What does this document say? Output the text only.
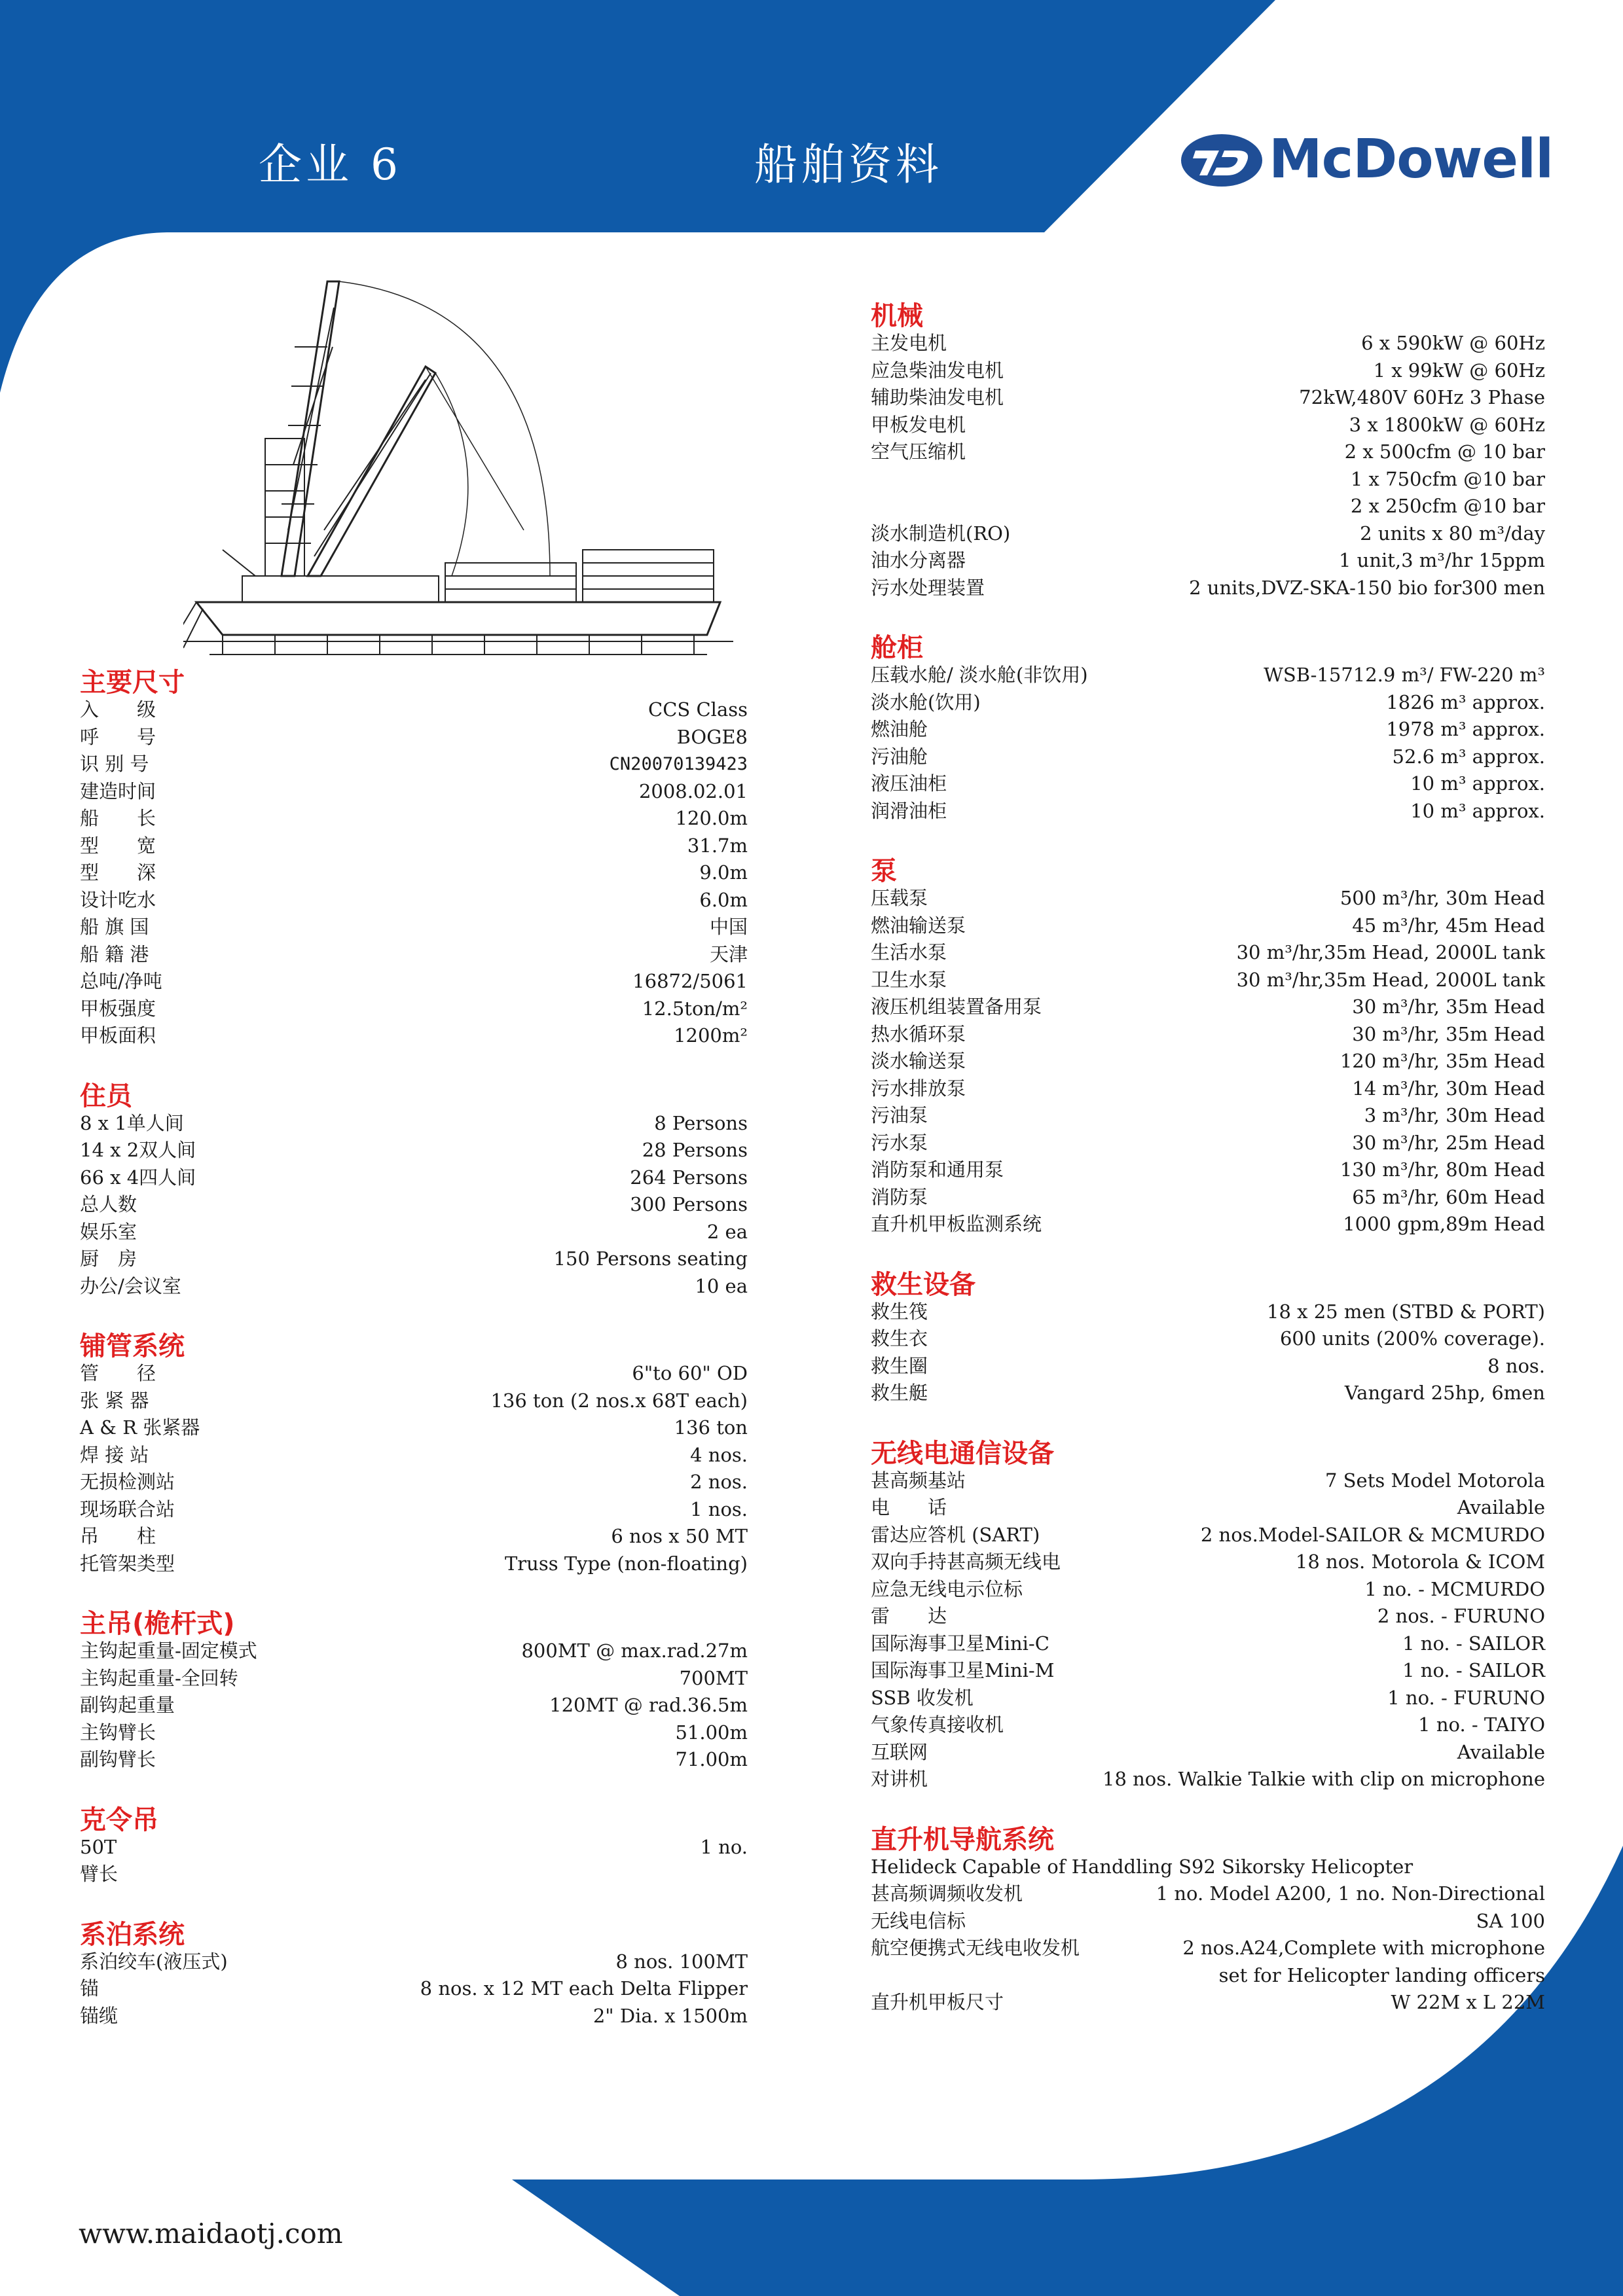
企业 6	船舶资料	McDowell
主要尺寸
入　　级	CCS Class
呼　　号	BOGE8
识 别 号	CN20070139423
建造时间	2008.02.01
船　　长	120.0m
型　　宽	31.7m
型　　深	9.0m
设计吃水	6.0m
船 旗 国	中国
船 籍 港	天津
总吨/净吨	16872/5061
甲板强度	12.5ton/m²
甲板面积	1200m²
住员
8 x 1单人间	8 Persons
14 x 2双人间	28 Persons
66 x 4四人间	264 Persons
总人数	300 Persons
娱乐室	2 ea
厨　房	150 Persons seating
办公/会议室	10 ea
铺管系统
管　　径	6"to 60" OD
张 紧 器	136 ton (2 nos.x 68T each)
A & R 张紧器	136 ton
焊 接 站	4 nos.
无损检测站	2 nos.
现场联合站	1 nos.
吊　　柱	6 nos x 50 MT
托管架类型	Truss Type (non-floating)
主吊(桅杆式)
主钩起重量-固定模式	800MT @ max.rad.27m
主钩起重量-全回转	700MT
副钩起重量	120MT @ rad.36.5m
主钩臂长	51.00m
副钩臂长	71.00m
克令吊
50T	1 no.
臂长
系泊系统
系泊绞车(液压式)	8 nos. 100MT
锚	8 nos. x 12 MT each Delta Flipper
锚缆	2" Dia. x 1500m
机械
主发电机	6 x 590kW @ 60Hz
应急柴油发电机	1 x 99kW @ 60Hz
辅助柴油发电机	72kW,480V 60Hz 3 Phase
甲板发电机	3 x 1800kW @ 60Hz
空气压缩机	2 x 500cfm @ 10 bar
1 x 750cfm @10 bar
2 x 250cfm @10 bar
淡水制造机(RO)	2 units x 80 m³/day
油水分离器	1 unit,3 m³/hr 15ppm
污水处理装置	2 units,DVZ-SKA-150 bio for300 men
舱柜
压载水舱/ 淡水舱(非饮用)	WSB-15712.9 m³/ FW-220 m³
淡水舱(饮用)	1826 m³ approx.
燃油舱	1978 m³ approx.
污油舱	52.6 m³ approx.
液压油柜	10 m³ approx.
润滑油柜	10 m³ approx.
泵
压载泵	500 m³/hr, 30m Head
燃油输送泵	45 m³/hr, 45m Head
生活水泵	30 m³/hr,35m Head, 2000L tank
卫生水泵	30 m³/hr,35m Head, 2000L tank
液压机组装置备用泵	30 m³/hr, 35m Head
热水循环泵	30 m³/hr, 35m Head
淡水输送泵	120 m³/hr, 35m Head
污水排放泵	14 m³/hr, 30m Head
污油泵	3 m³/hr, 30m Head
污水泵	30 m³/hr, 25m Head
消防泵和通用泵	130 m³/hr, 80m Head
消防泵	65 m³/hr, 60m Head
直升机甲板监测系统	1000 gpm,89m Head
救生设备
救生筏	18 x 25 men (STBD & PORT)
救生衣	600 units (200% coverage).
救生圈	8 nos.
救生艇	Vangard 25hp, 6men
无线电通信设备
甚高频基站	7 Sets Model Motorola
电　　话	Available
雷达应答机 (SART)	2 nos.Model-SAILOR & MCMURDO
双向手持甚高频无线电	18 nos. Motorola & ICOM
应急无线电示位标	1 no. - MCMURDO
雷　　达	2 nos. - FURUNO
国际海事卫星Mini-C	1 no. - SAILOR
国际海事卫星Mini-M	1 no. - SAILOR
SSB 收发机	1 no. - FURUNO
气象传真接收机	1 no. - TAIYO
互联网	Available
对讲机	18 nos. Walkie Talkie with clip on microphone
直升机导航系统
Helideck Capable of Handdling S92 Sikorsky Helicopter
甚高频调频收发机	1 no. Model A200, 1 no. Non-Directional
无线电信标	SA 100
航空便携式无线电收发机	2 nos.A24,Complete with microphone
set for Helicopter landing officers
直升机甲板尺寸	W 22M x L 22M
www.maidaotj.com
